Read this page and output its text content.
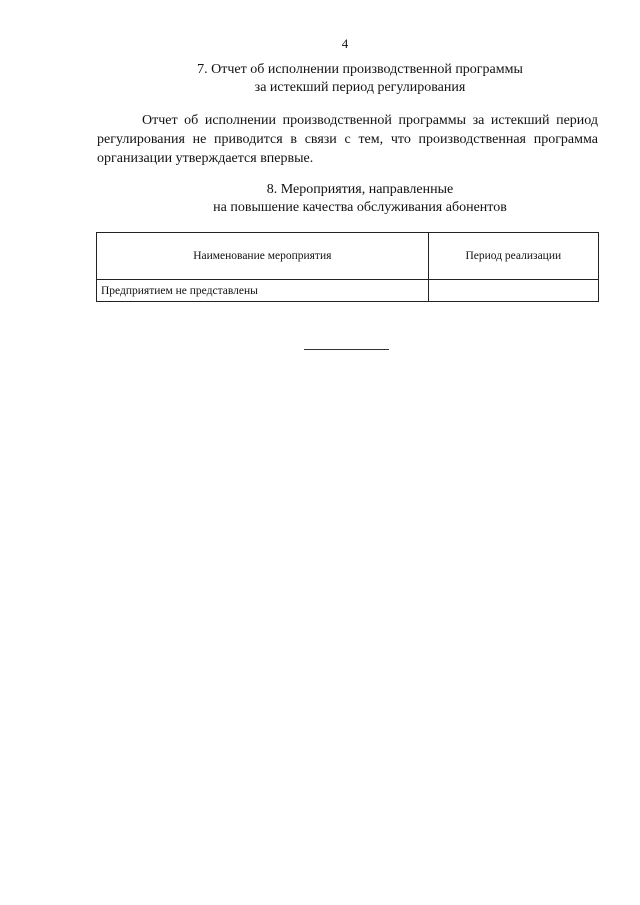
4
7. Отчет об исполнении производственной программы
за истекший период регулирования
Отчет об исполнении производственной программы за истекший период регулирования не приводится в связи с тем, что производственная программа организации утверждается впервые.
8. Мероприятия, направленные
на повышение качества обслуживания абонентов
Наименование мероприятия	Период реализации
Предприятием не представлены	
